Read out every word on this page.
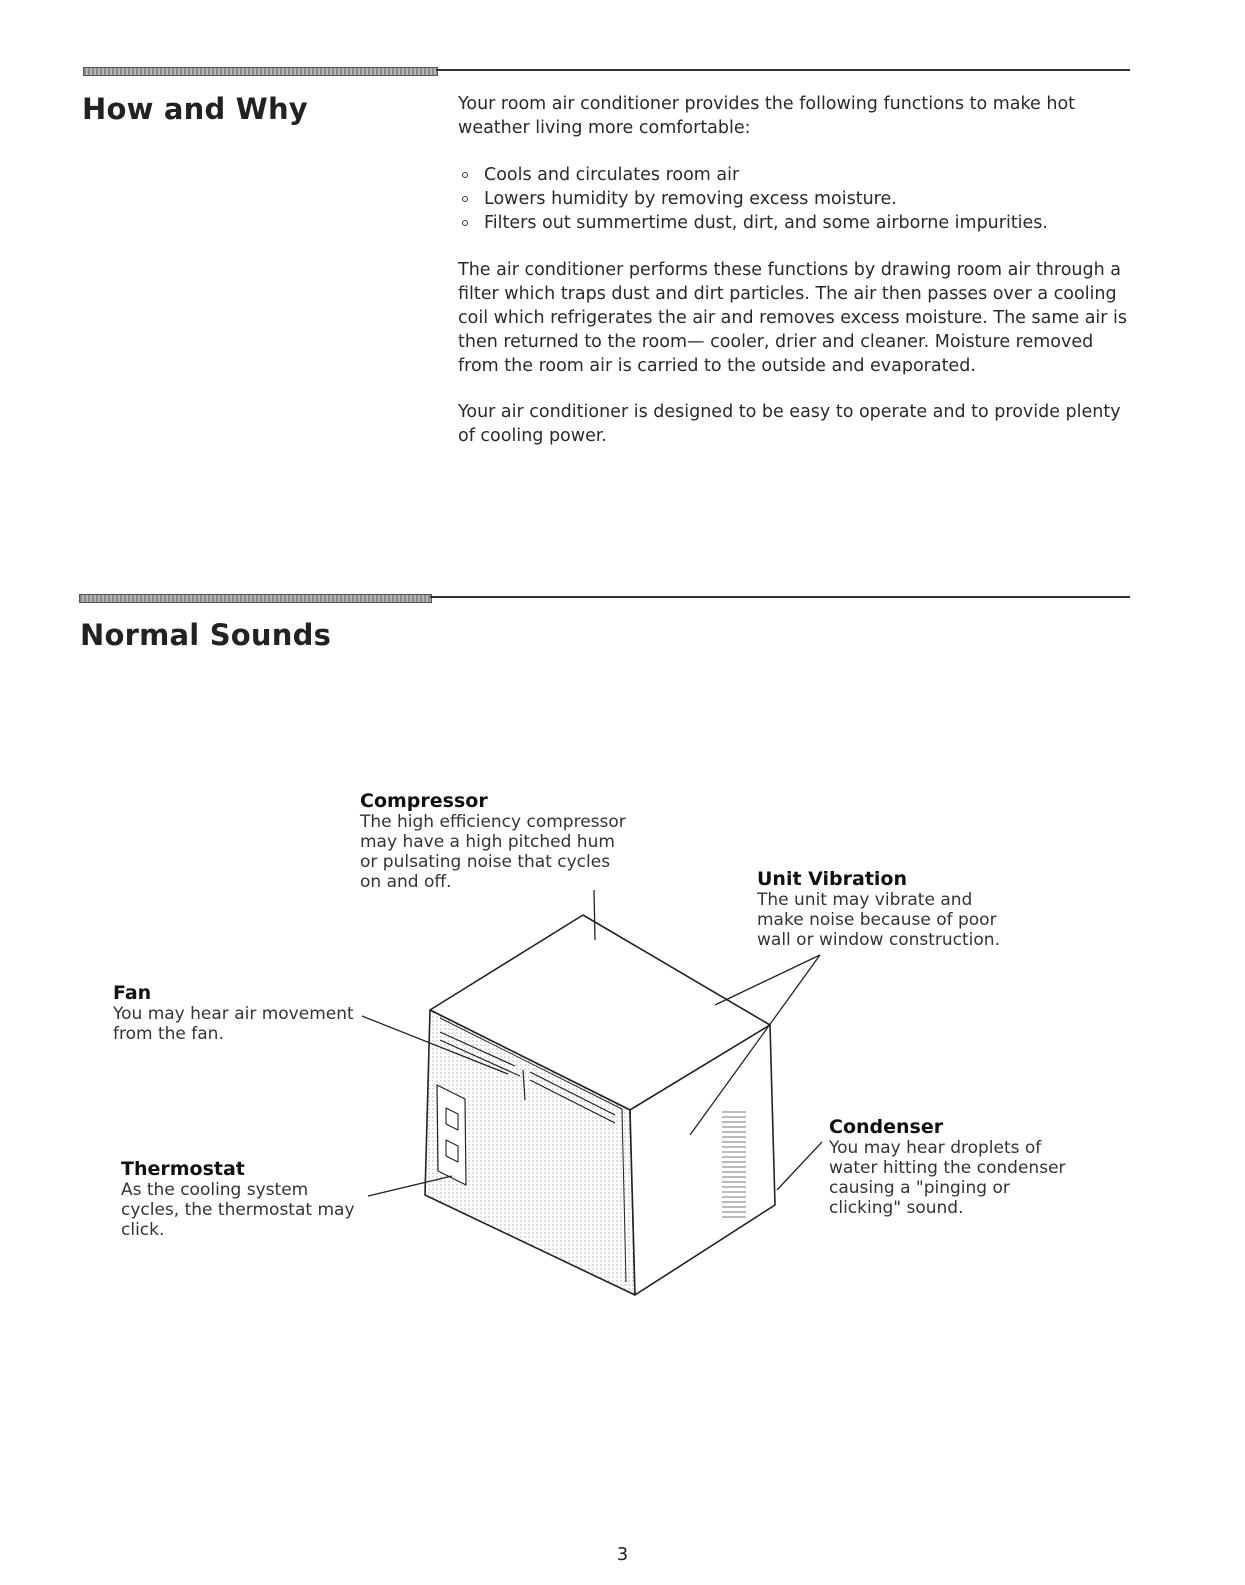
How and Why	Your room air conditioner provides the following functions to make hot weather living more comfortable:

Cools and circulates room air
Lowers humidity by removing excess moisture.
Filters out summertime dust, dirt, and some airborne impurities.

The air conditioner performs these functions by drawing room air through a filter which traps dust and dirt particles. The air then passes over a cooling coil which refrigerates the air and removes excess moisture. The same air is then returned to the room— cooler, drier and cleaner. Moisture removed from the room air is carried to the outside and evaporated.

Your air conditioner is designed to be easy to operate and to provide plenty of cooling power.

Normal Sounds
Compressor
The high efficiency compressor may have a high pitched hum or pulsating noise that cycles on and off.	Unit Vibration
The unit may vibrate and make noise because of poor wall or window construction.
Fan
You may hear air movement from the fan.
Condenser
You may hear droplets of water hitting the condenser causing a "pinging or clicking" sound.
Thermostat
As the cooling system cycles, the thermostat may click.
3
